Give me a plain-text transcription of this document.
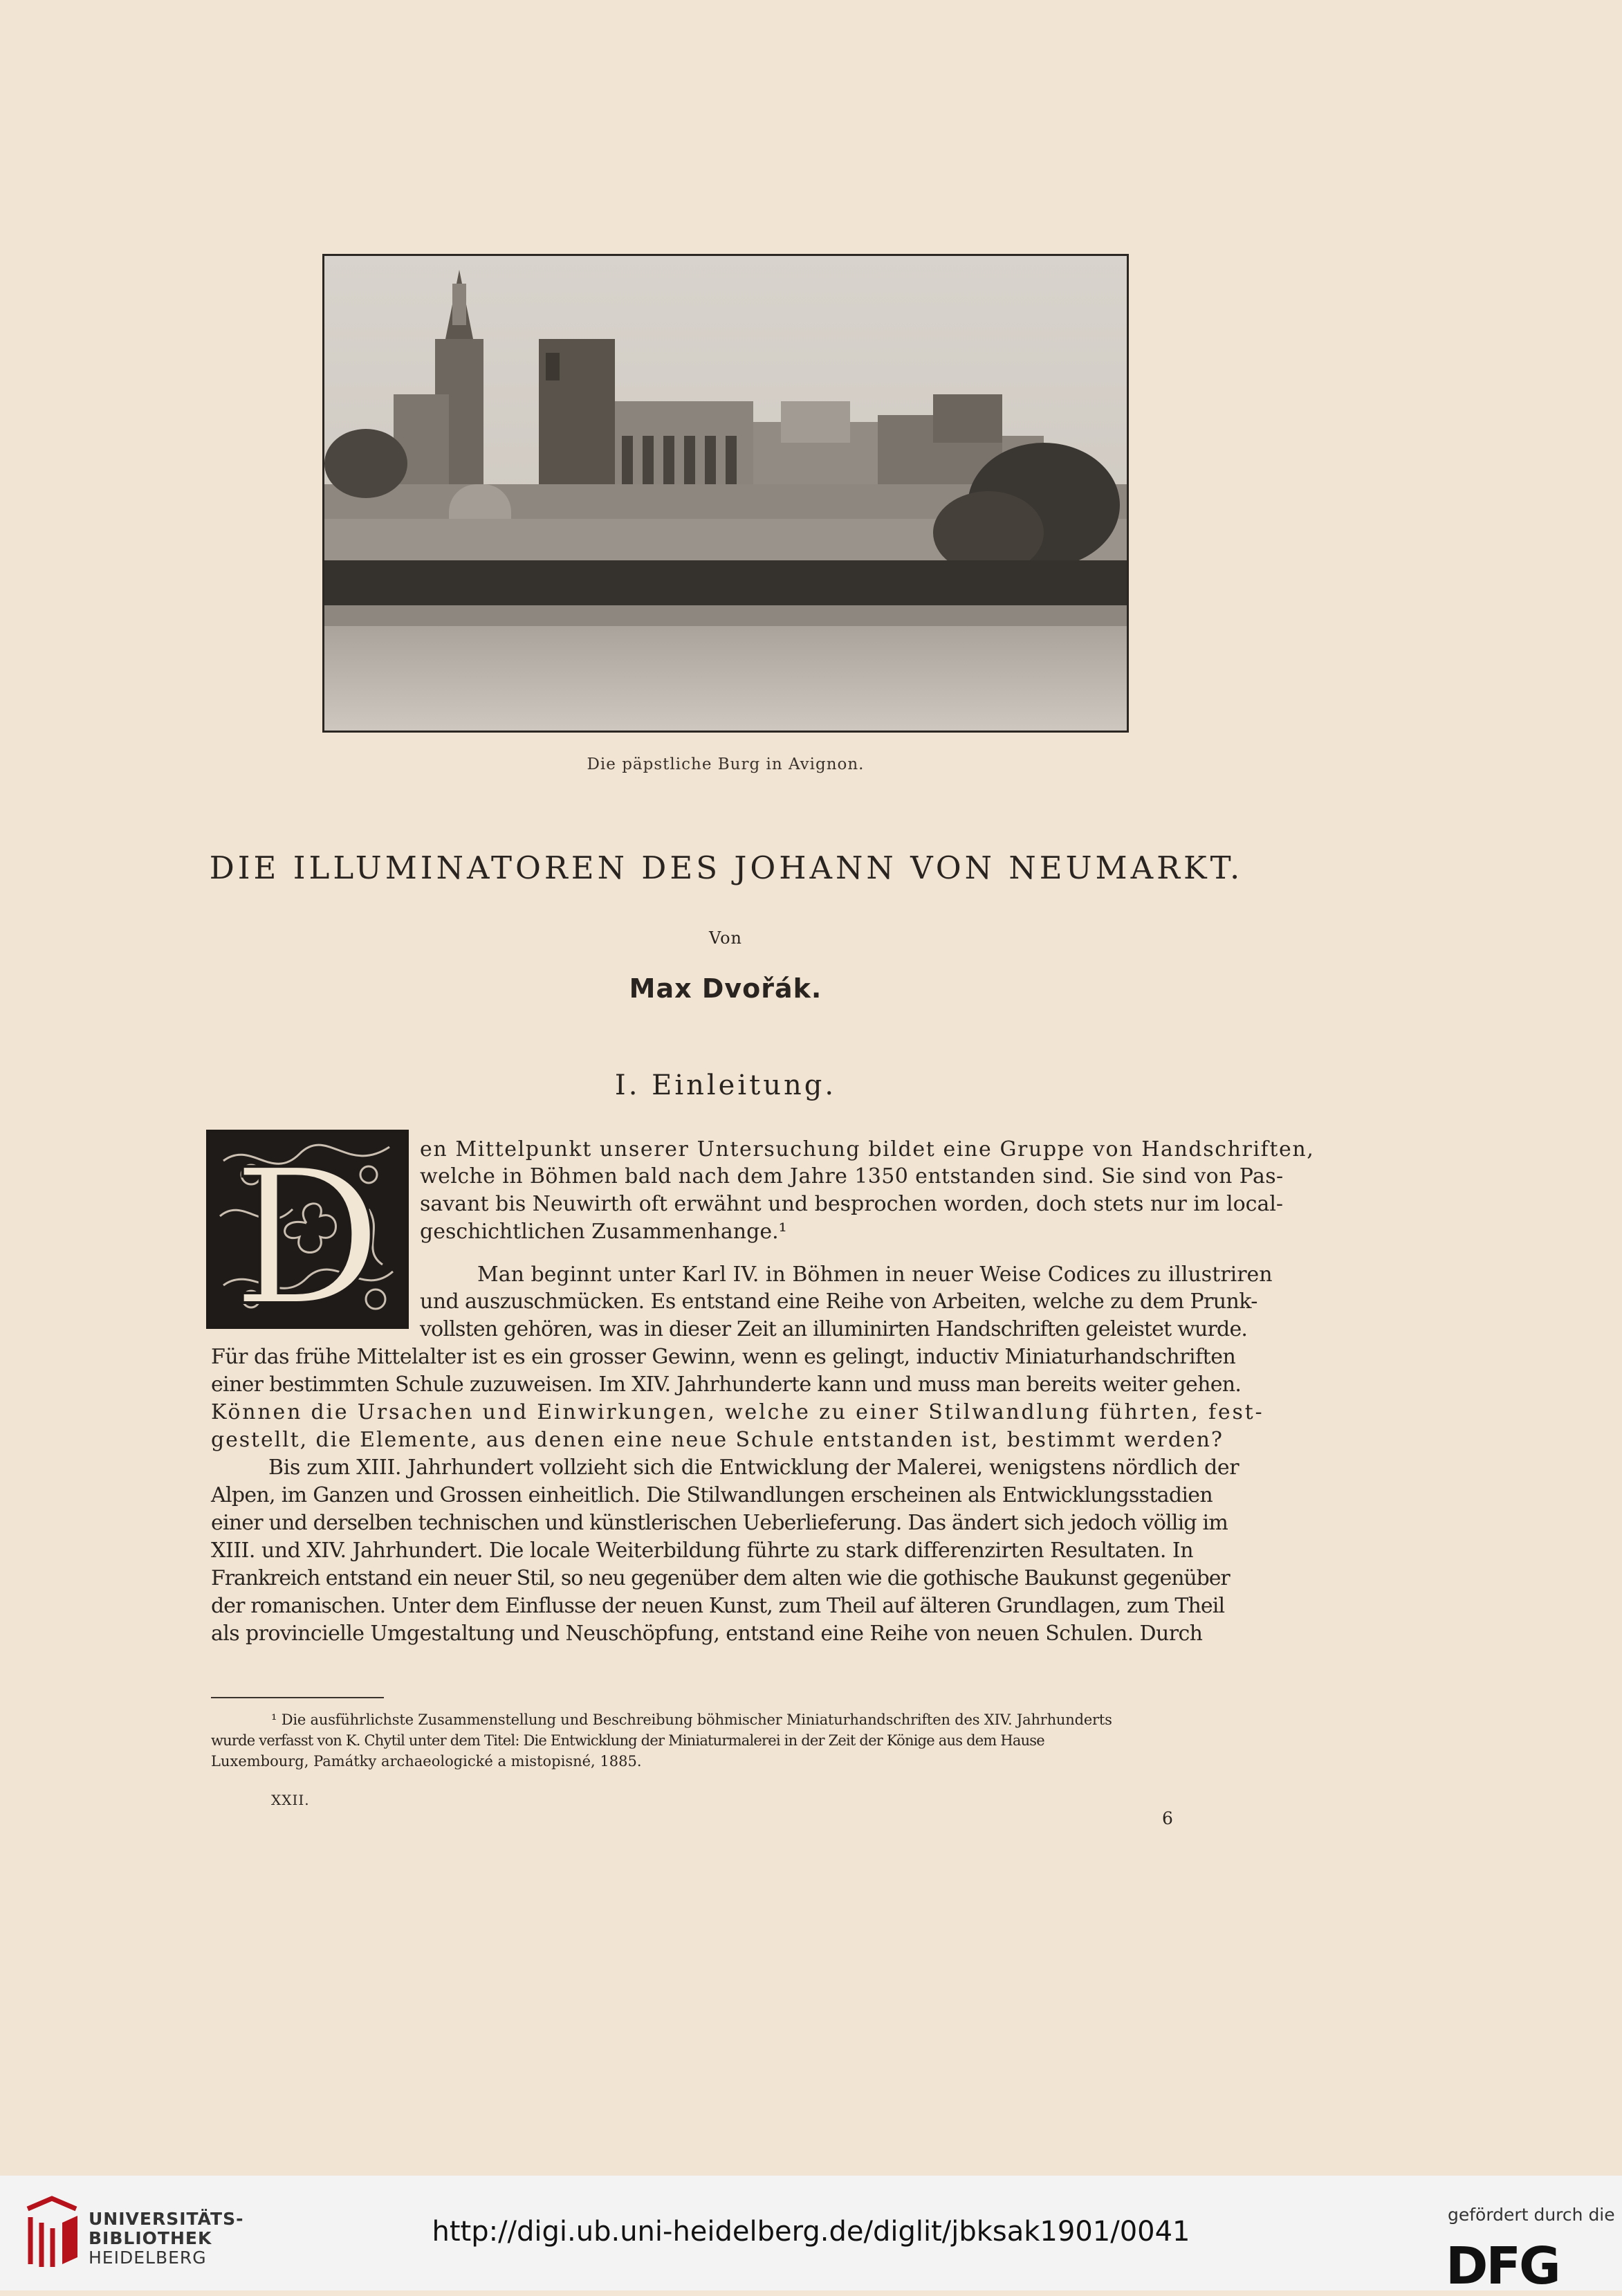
Die päpstliche Burg in Avignon.
DIE ILLUMINATOREN DES JOHANN VON NEUMARKT.
Von
Max Dvořák.
I. Einleitung.
D en Mittelpunkt unserer Untersuchung bildet eine Gruppe von Handschriften,
welche in Böhmen bald nach dem Jahre 1350 entstanden sind. Sie sind von Pas-
savant bis Neuwirth oft erwähnt und besprochen worden, doch stets nur im local-
geschichtlichen Zusammenhange.¹
Man beginnt unter Karl IV. in Böhmen in neuer Weise Codices zu illustriren
und auszuschmücken. Es entstand eine Reihe von Arbeiten, welche zu dem Prunk-
vollsten gehören, was in dieser Zeit an illuminirten Handschriften geleistet wurde.
Für das frühe Mittelalter ist es ein grosser Gewinn, wenn es gelingt, inductiv Miniaturhandschriften
einer bestimmten Schule zuzuweisen. Im XIV. Jahrhunderte kann und muss man bereits weiter gehen.
Können die Ursachen und Einwirkungen, welche zu einer Stilwandlung führten, fest-
gestellt, die Elemente, aus denen eine neue Schule entstanden ist, bestimmt werden?
Bis zum XIII. Jahrhundert vollzieht sich die Entwicklung der Malerei, wenigstens nördlich der
Alpen, im Ganzen und Grossen einheitlich. Die Stilwandlungen erscheinen als Entwicklungsstadien
einer und derselben technischen und künstlerischen Ueberlieferung. Das ändert sich jedoch völlig im
XIII. und XIV. Jahrhundert. Die locale Weiterbildung führte zu stark differenzirten Resultaten. In
Frankreich entstand ein neuer Stil, so neu gegenüber dem alten wie die gothische Baukunst gegenüber
der romanischen. Unter dem Einflusse der neuen Kunst, zum Theil auf älteren Grundlagen, zum Theil
als provincielle Umgestaltung und Neuschöpfung, entstand eine Reihe von neuen Schulen. Durch
¹ Die ausführlichste Zusammenstellung und Beschreibung böhmischer Miniaturhandschriften des XIV. Jahrhunderts
wurde verfasst von K. Chytil unter dem Titel: Die Entwicklung der Miniaturmalerei in der Zeit der Könige aus dem Hause
Luxembourg, Památky archaeologické a mistopisné, 1885.
XXII.
6
UNIVERSITÄTS-
BIBLIOTHEK
HEIDELBERG
http://digi.ub.uni-heidelberg.de/diglit/jbksak1901/0041
gefördert durch die
DFG
